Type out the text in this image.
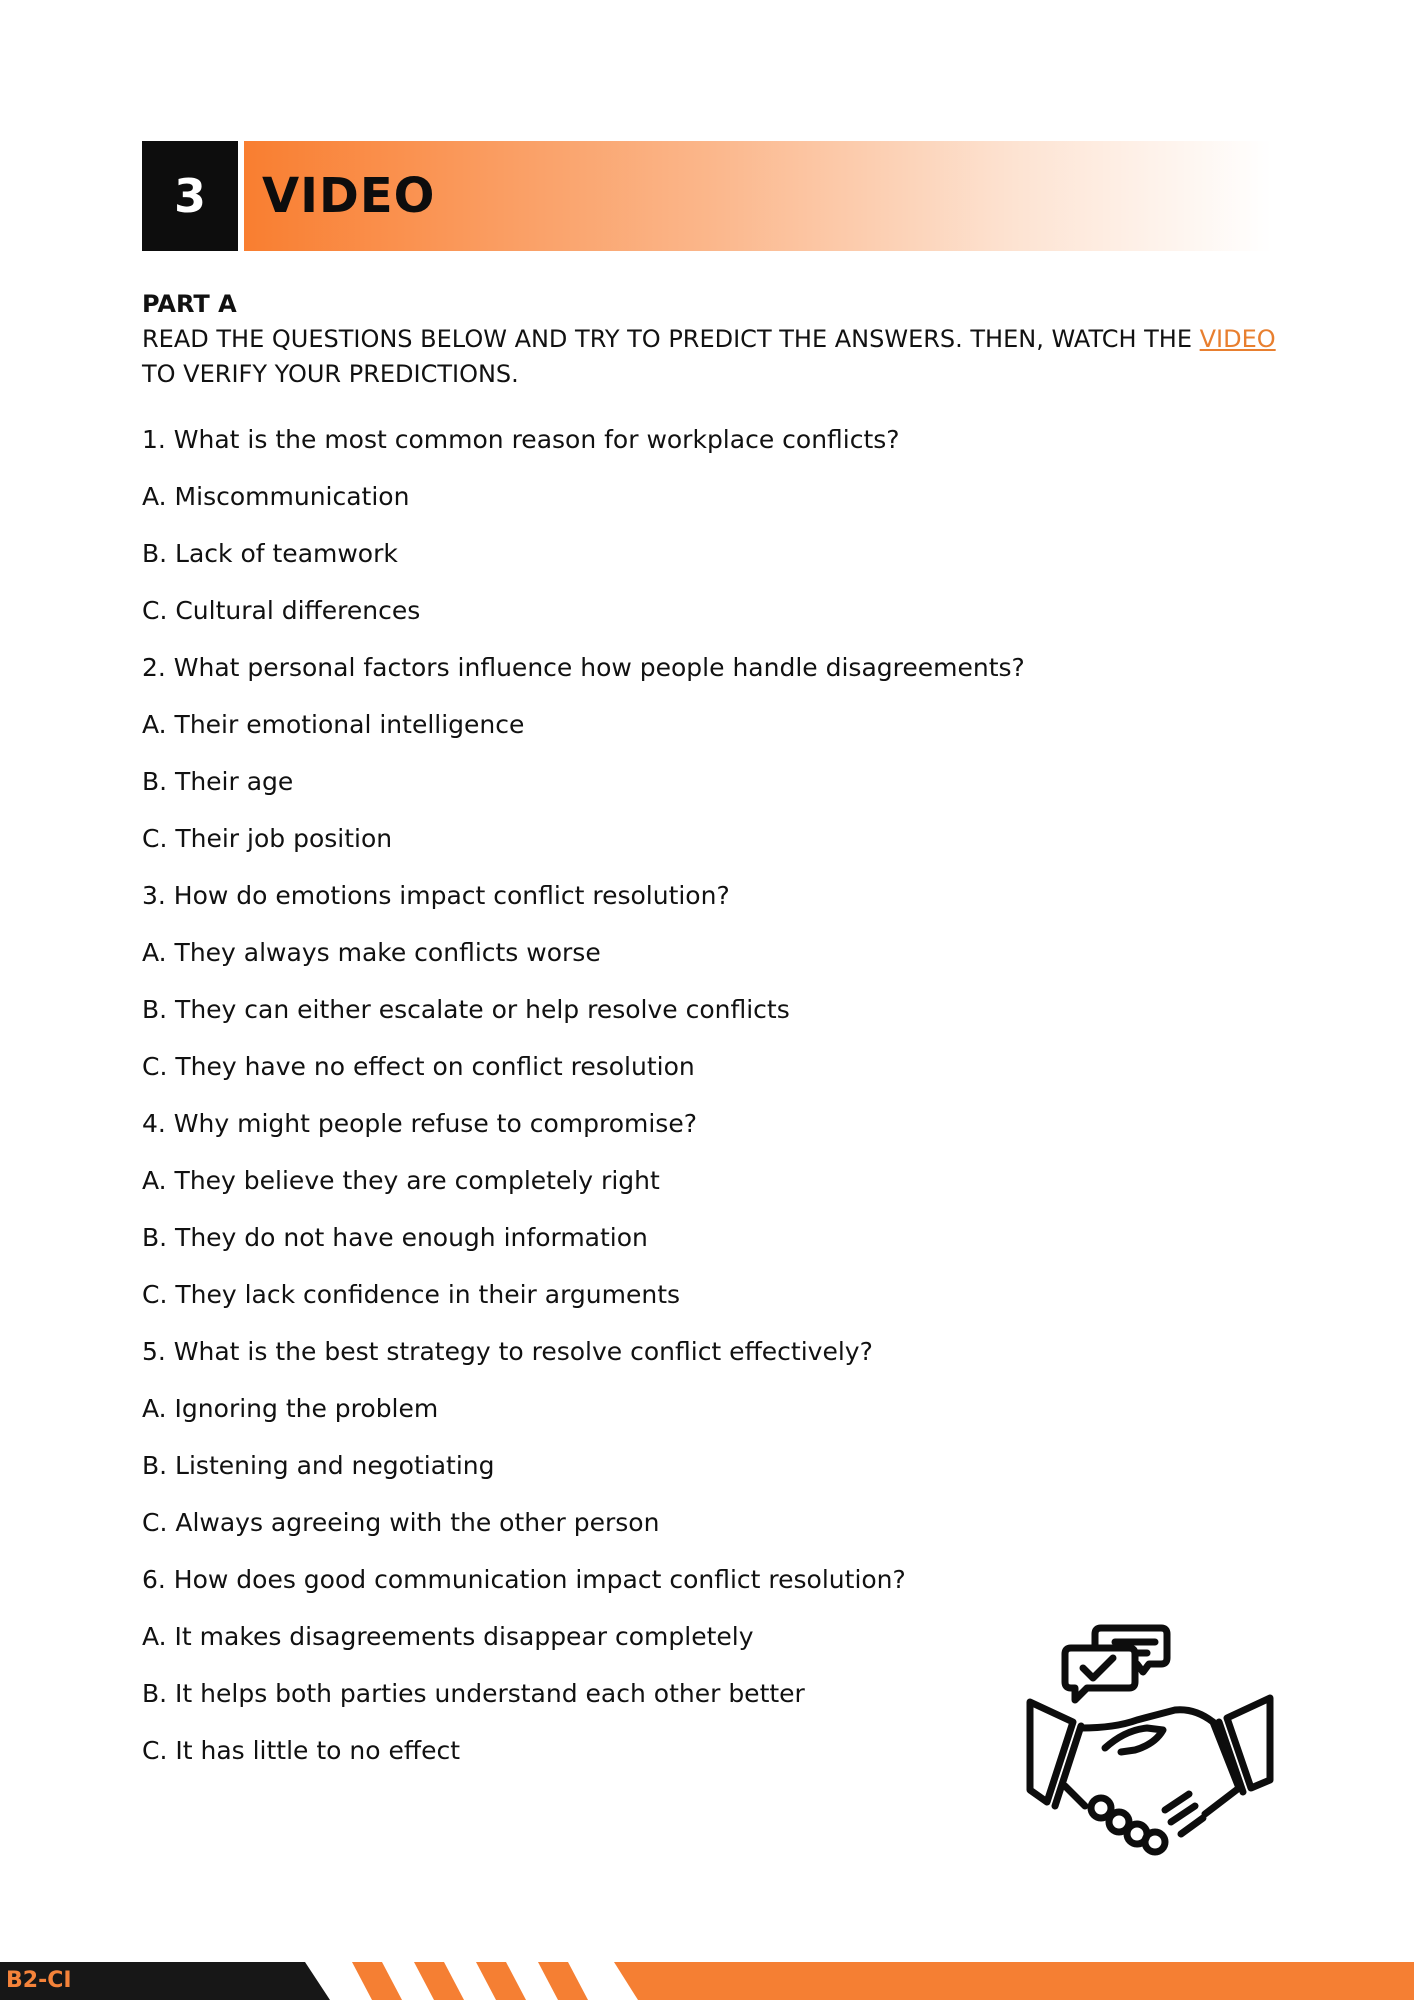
3	VIDEO
PART A
READ THE QUESTIONS BELOW AND TRY TO PREDICT THE ANSWERS. THEN, WATCH THE VIDEO TO VERIFY YOUR PREDICTIONS.
1. What is the most common reason for workplace conflicts?
A. Miscommunication
B. Lack of teamwork
C. Cultural differences
2. What personal factors influence how people handle disagreements?
A. Their emotional intelligence
B. Their age
C. Their job position
3. How do emotions impact conflict resolution?
A. They always make conflicts worse
B. They can either escalate or help resolve conflicts
C. They have no effect on conflict resolution
4. Why might people refuse to compromise?
A. They believe they are completely right
B. They do not have enough information
C. They lack confidence in their arguments
5. What is the best strategy to resolve conflict effectively?
A. Ignoring the problem
B. Listening and negotiating
C. Always agreeing with the other person
6. How does good communication impact conflict resolution?
A. It makes disagreements disappear completely
B. It helps both parties understand each other better
C. It has little to no effect
B2-CI
